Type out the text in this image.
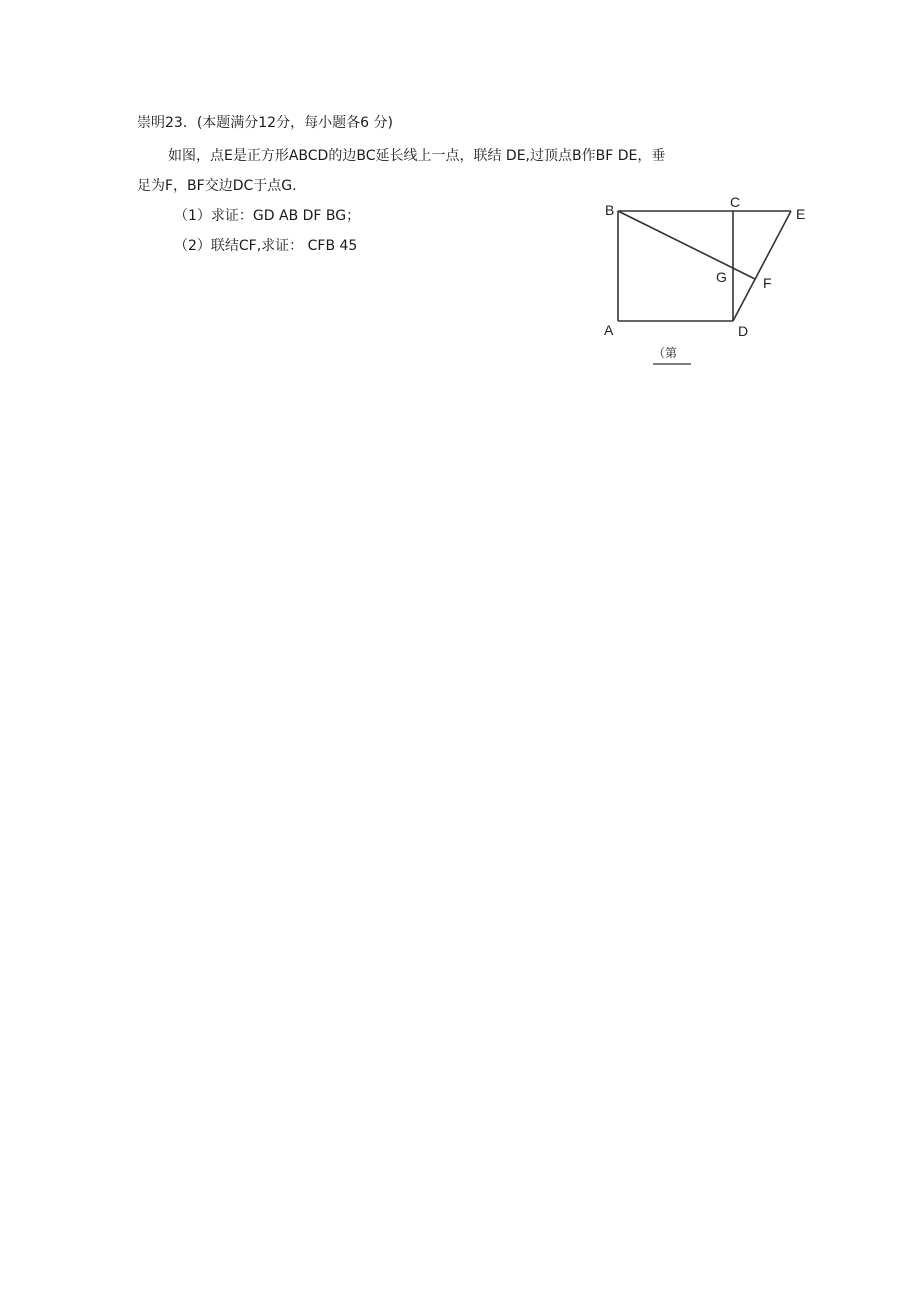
崇明23．(本题满分12分，每小题各6 分)
如图，点E是正方形ABCD的边BC延长线上一点，联结 DE,过顶点B作BF DE，垂
足为F，BF交边DC于点G.
（1）求证：GD AB DF BG；
（2）联结CF,求证： CFB 45
B	C
E
G	F
A	D
（第
